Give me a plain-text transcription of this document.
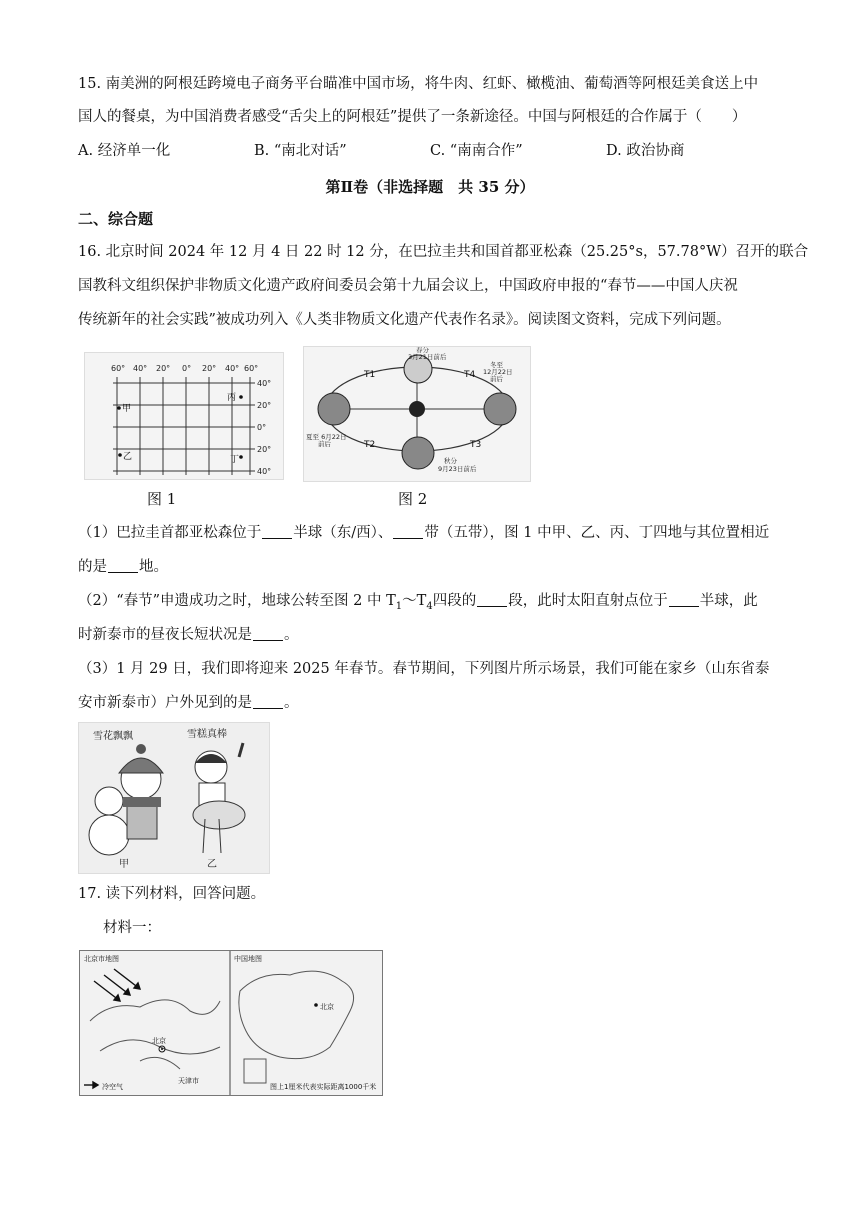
15. 南美洲的阿根廷跨境电子商务平台瞄准中国市场，将牛肉、红虾、橄榄油、葡萄酒等阿根廷美食送上中
国人的餐桌，为中国消费者感受“舌尖上的阿根廷”提供了一条新途径。中国与阿根廷的合作属于（ ）
A. 经济单一化	B. “南北对话”	C. “南南合作”	D. 政治协商
第Ⅱ卷（非选择题　共 35 分）
二、综合题
16. 北京时间 2024 年 12 月 4 日 22 时 12 分，在巴拉圭共和国首都亚松森（25.25°s，57.78°W）召开的联合
国教科文组织保护非物质文化遗产政府间委员会第十九届会议上，中国政府申报的“春节——中国人庆祝
传统新年的社会实践”被成功列入《人类非物质文化遗产代表作名录》。阅读图文资料，完成下列问题。
60° 40° 20° 0° 20° 40° 60°
40°
20°
0°
20°
40°
甲
乙
丙
丁
春分
3月21日前后
冬至
12月22日
前后
夏至 6月22日
前后
秋分
9月23日前后
T1
T2	T3
T4
图 1	图 2
（1）巴拉圭首都亚松森位于 半球（东/西）、 带（五带），图 1 中甲、乙、丙、丁四地与其位置相近
的是 地。
（2）“春节”申遗成功之时，地球公转至图 2 中 $T_1\sim T_4$四段的 段，此时太阳直射点位于 半球，此
时新泰市的昼夜长短状况是 。
（3）1 月 29 日，我们即将迎来 2025 年春节。春节期间，下列图片所示场景，我们可能在家乡（山东省泰
安市新泰市）户外见到的是 。
雪花飘飘	雪糕真棒
甲	乙
17. 读下列材料，回答问题。
材料一：
北京市地图	中国地图
北京
天津市
冷空气
北京
图上1厘米代表实际距离1000千米
